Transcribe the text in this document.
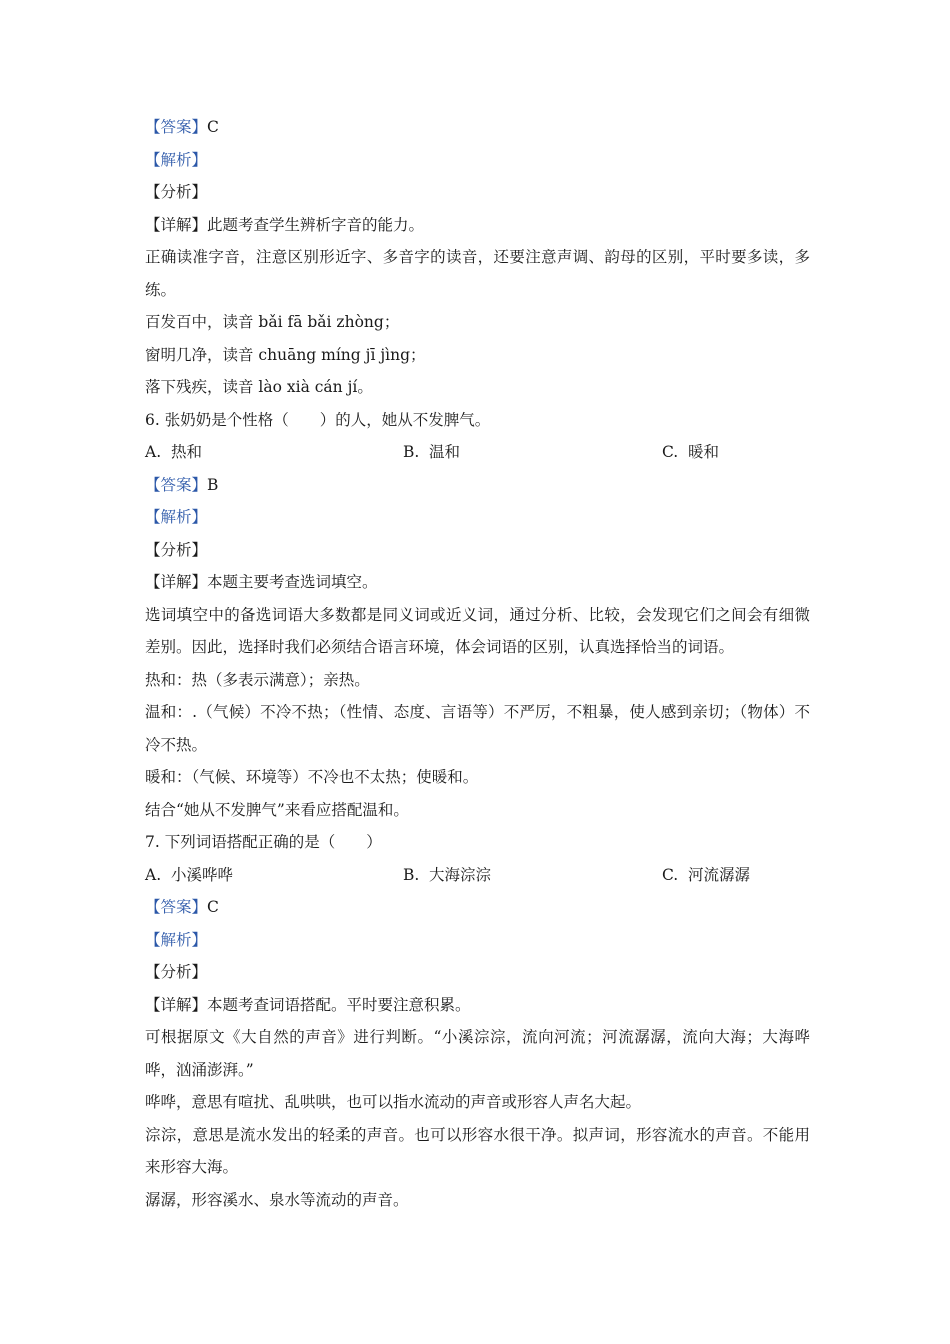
【答案】C
【解析】
【分析】
【详解】此题考查学生辨析字音的能力。
正确读准字音，注意区别形近字、多音字的读音，还要注意声调、韵母的区别，平时要多读，多练。
百发百中，读音 bǎi fā bǎi zhòng；
窗明几净，读音 chuāng míng jī jìng；
落下残疾，读音 lào xià cán jí。
6. 张奶奶是个性格（　　）的人，她从不发脾气。
A. 热和	B. 温和	C. 暖和
【答案】B
【解析】
【分析】
【详解】本题主要考查选词填空。
选词填空中的备选词语大多数都是同义词或近义词，通过分析、比较，会发现它们之间会有细微差别。因此，选择时我们必须结合语言环境，体会词语的区别，认真选择恰当的词语。
热和：热（多表示满意）；亲热。
温和：.（气候）不冷不热；（性情、态度、言语等）不严厉，不粗暴，使人感到亲切；（物体）不冷不热。
暖和：（气候、环境等）不冷也不太热；使暖和。
结合“她从不发脾气”来看应搭配温和。
7. 下列词语搭配正确的是（　　）
A. 小溪哗哗	B. 大海淙淙	C. 河流潺潺
【答案】C
【解析】
【分析】
【详解】本题考查词语搭配。平时要注意积累。
可根据原文《大自然的声音》进行判断。“小溪淙淙，流向河流；河流潺潺，流向大海；大海哗哗，汹涌澎湃。”
哗哗，意思有喧扰、乱哄哄，也可以指水流动的声音或形容人声名大起。
淙淙，意思是流水发出的轻柔的声音。也可以形容水很干净。拟声词，形容流水的声音。不能用来形容大海。
潺潺，形容溪水、泉水等流动的声音。
